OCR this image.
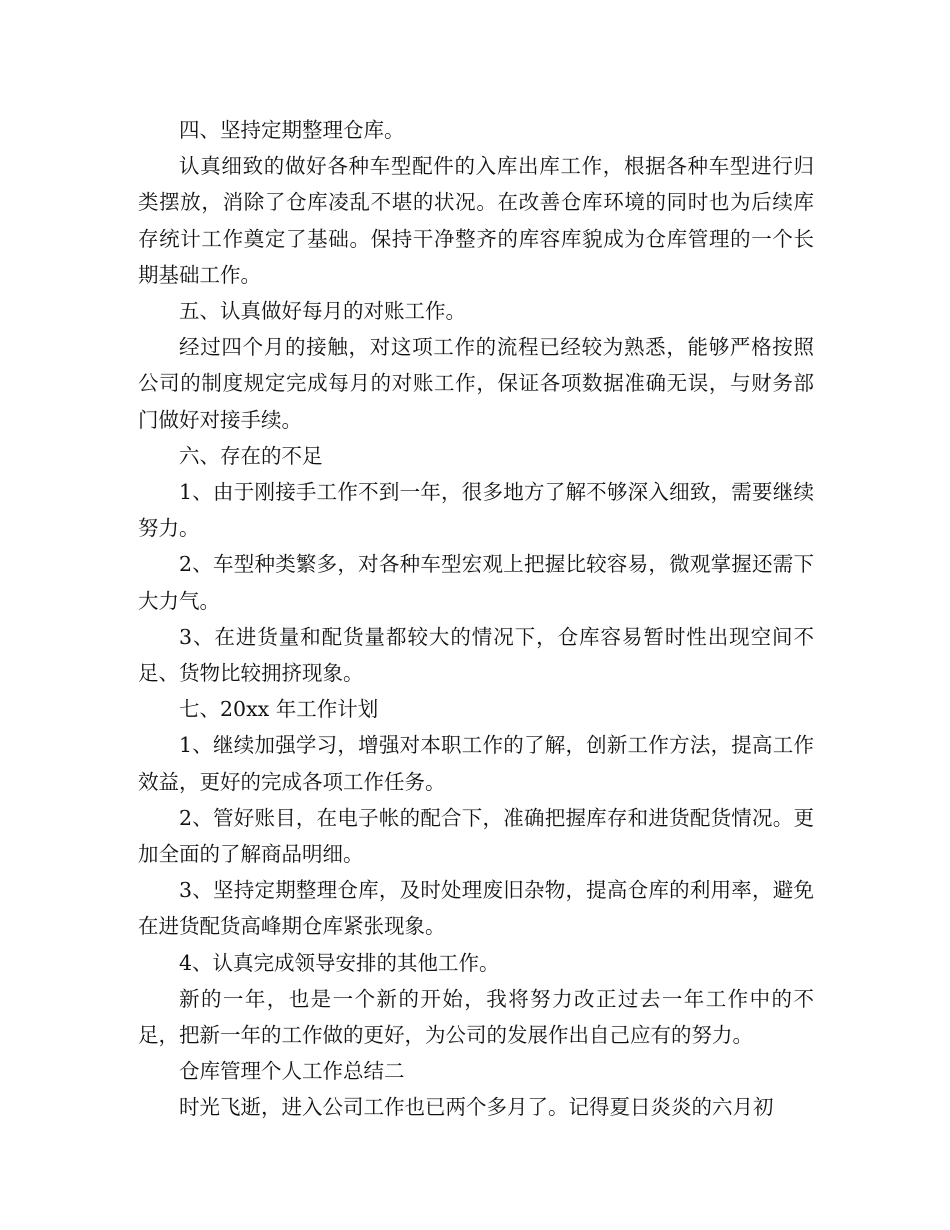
四、坚持定期整理仓库。

认真细致的做好各种车型配件的入库出库工作，根据各种车型进行归类摆放，消除了仓库凌乱不堪的状况。在改善仓库环境的同时也为后续库存统计工作奠定了基础。保持干净整齐的库容库貌成为仓库管理的一个长期基础工作。

五、认真做好每月的对账工作。

经过四个月的接触，对这项工作的流程已经较为熟悉，能够严格按照公司的制度规定完成每月的对账工作，保证各项数据准确无误，与财务部门做好对接手续。

六、存在的不足

1、由于刚接手工作不到一年，很多地方了解不够深入细致，需要继续努力。

2、车型种类繁多，对各种车型宏观上把握比较容易，微观掌握还需下大力气。

3、在进货量和配货量都较大的情况下，仓库容易暂时性出现空间不足、货物比较拥挤现象。

七、20xx 年工作计划

1、继续加强学习，增强对本职工作的了解，创新工作方法，提高工作效益，更好的完成各项工作任务。

2、管好账目，在电子帐的配合下，准确把握库存和进货配货情况。更加全面的了解商品明细。

3、坚持定期整理仓库，及时处理废旧杂物，提高仓库的利用率，避免在进货配货高峰期仓库紧张现象。

4、认真完成领导安排的其他工作。

新的一年，也是一个新的开始，我将努力改正过去一年工作中的不足，把新一年的工作做的更好，为公司的发展作出自己应有的努力。

仓库管理个人工作总结二

时光飞逝，进入公司工作也已两个多月了。记得夏日炎炎的六月初
